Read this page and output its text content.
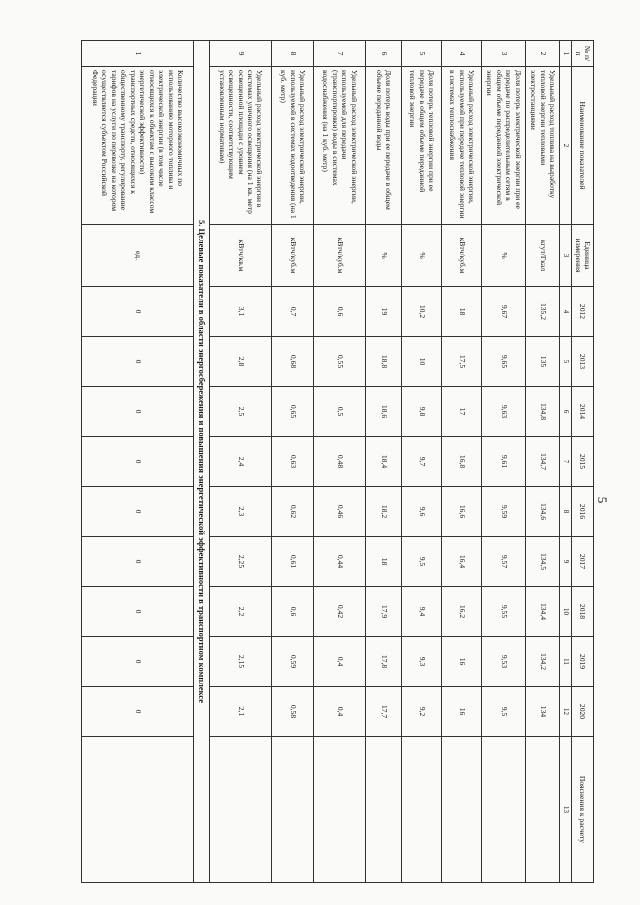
5
№ п/п	Наименование показателей	Единица измерения	2012	2013	2014	2015	2016	2017	2018	2019	2020	Пояснения к расчету

1	2	3	4	5	6	7	8	9	10	11	12	13
2	Удельный расход топлива на выработку тепловой энергии тепловыми электростанциями	кгут/Гкал	135,2	135	134,8	134,7	134,6	134,5	134,4	134,2	134	
3	Доля потерь электрической энергии при ее передаче по распределительным сетям в общем объеме переданной электрической энергии	%	9,67	9,65	9,63	9,61	9,59	9,57	9,55	9,53	9,5	
4	Удельный расход электрической энергии, используемой при передаче тепловой энергии в системах теплоснабжения	кВтч/куб.м	18	17,5	17	16,8	16,6	16,4	16,2	16	16	
5	Доля потерь тепловой энергии при ее передаче в общем объеме переданной тепловой энергии	%	10,2	10	9,8	9,7	9,6	9,5	9,4	9,3	9,2	
6	Доля потерь воды при ее передаче в общем объеме переданной воды	%	19	18,8	18,6	18,4	18,2	18	17,9	17,8	17,7	
7	Удельный расход электрической энергии, используемой для передачи (транспортировки) воды в системах водоснабжения (на 1 куб. метр)	кВтч/куб.м	0,6	0,55	0,5	0,48	0,46	0,44	0,42	0,4	0,4	
8	Удельный расход электрической энергии, используемой в системах водоотведения (на 1 куб. метр)	кВтч/куб.м	0,7	0,68	0,65	0,63	0,62	0,61	0,6	0,59	0,58	
9	Удельный расход электрической энергии в системах уличного освещения (на 1 кв. метр освещенной площади с уровнем освещенности, соответствующим установленным нормативам)	кВтч/кв.м	3,1	2,8	2,5	2,4	2,3	2,25	2,2	2,15	2,1	
5. Целевые показатели в области энергосбережения и повышения энергетической эффективности в транспортном комплексе												
1	Количество высокоэкономичных по использованию моторного топлива и электрической энергии (в том числе относящихся к объектам с высоким классом энергетической эффективности) транспортных средств, относящихся к общественному транспорту, регулирование тарифов на услуги по перевозке на котором осуществляется субъектом Российской Федерации	ед.	0	0	0	0	0	0	0	0	0	
